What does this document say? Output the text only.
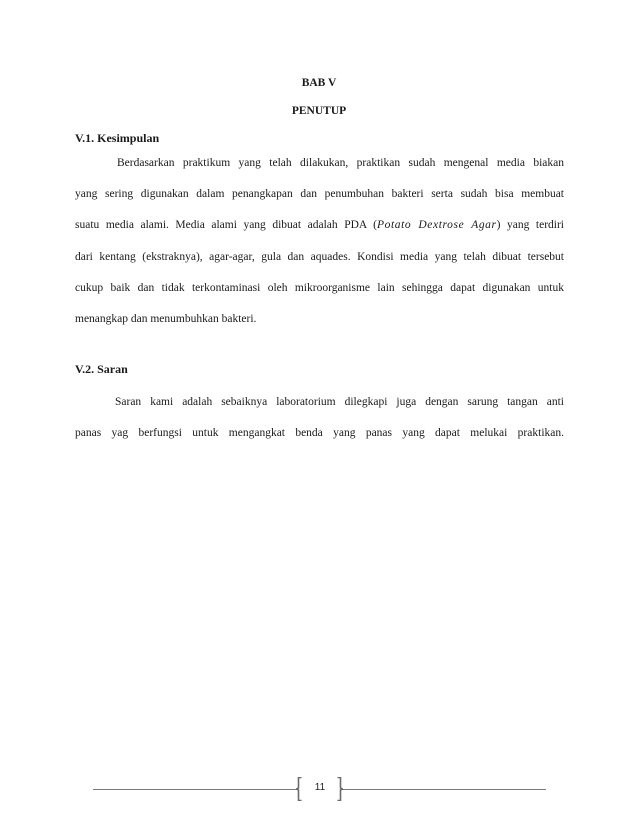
BAB V
PENUTUP
V.1. Kesimpulan
Berdasarkan praktikum yang telah dilakukan, praktikan sudah mengenal media biakan
yang sering digunakan dalam penangkapan dan penumbuhan bakteri serta sudah bisa membuat
suatu media alami. Media alami yang dibuat adalah PDA (Potato Dextrose Agar) yang terdiri
dari kentang (ekstraknya), agar-agar, gula dan aquades. Kondisi media yang telah dibuat tersebut
cukup baik dan tidak terkontaminasi oleh mikroorganisme lain sehingga dapat digunakan untuk
menangkap dan menumbuhkan bakteri.
V.2. Saran
Saran kami adalah sebaiknya laboratorium dilegkapi juga dengan sarung tangan anti
panas yag berfungsi untuk mengangkat benda yang panas yang dapat melukai praktikan.
11
